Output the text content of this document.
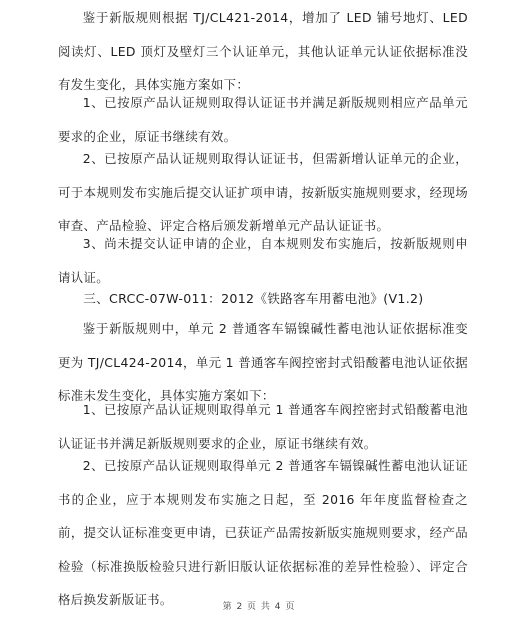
鉴于新版规则根据 TJ/CL421-2014，增加了 LED 铺号地灯、LED 阅读灯、LED 顶灯及壁灯三个认证单元，其他认证单元认证依据标准没有发生变化，具体实施方案如下：

1、已按原产品认证规则取得认证证书并满足新版规则相应产品单元要求的企业，原证书继续有效。

2、已按原产品认证规则取得认证证书，但需新增认证单元的企业，可于本规则发布实施后提交认证扩项申请，按新版实施规则要求，经现场审查、产品检验、评定合格后颁发新增单元产品认证证书。

3、尚未提交认证申请的企业，自本规则发布实施后，按新版规则申请认证。

三、CRCC-07W-011：2012《铁路客车用蓄电池》(V1.2)

鉴于新版规则中，单元 2 普通客车镉镍碱性蓄电池认证依据标准变更为 TJ/CL424-2014，单元 1 普通客车阀控密封式铅酸蓄电池认证依据标准未发生变化，具体实施方案如下：

1、已按原产品认证规则取得单元 1 普通客车阀控密封式铅酸蓄电池认证证书并满足新版规则要求的企业，原证书继续有效。

2、已按原产品认证规则取得单元 2 普通客车镉镍碱性蓄电池认证证书的企业，应于本规则发布实施之日起，至 2016 年年度监督检查之前，提交认证标准变更申请，已获证产品需按新版实施规则要求，经产品检验（标准换版检验只进行新旧版认证依据标准的差异性检验）、评定合格后换发新版证书。	第 2 页 共 4 页
